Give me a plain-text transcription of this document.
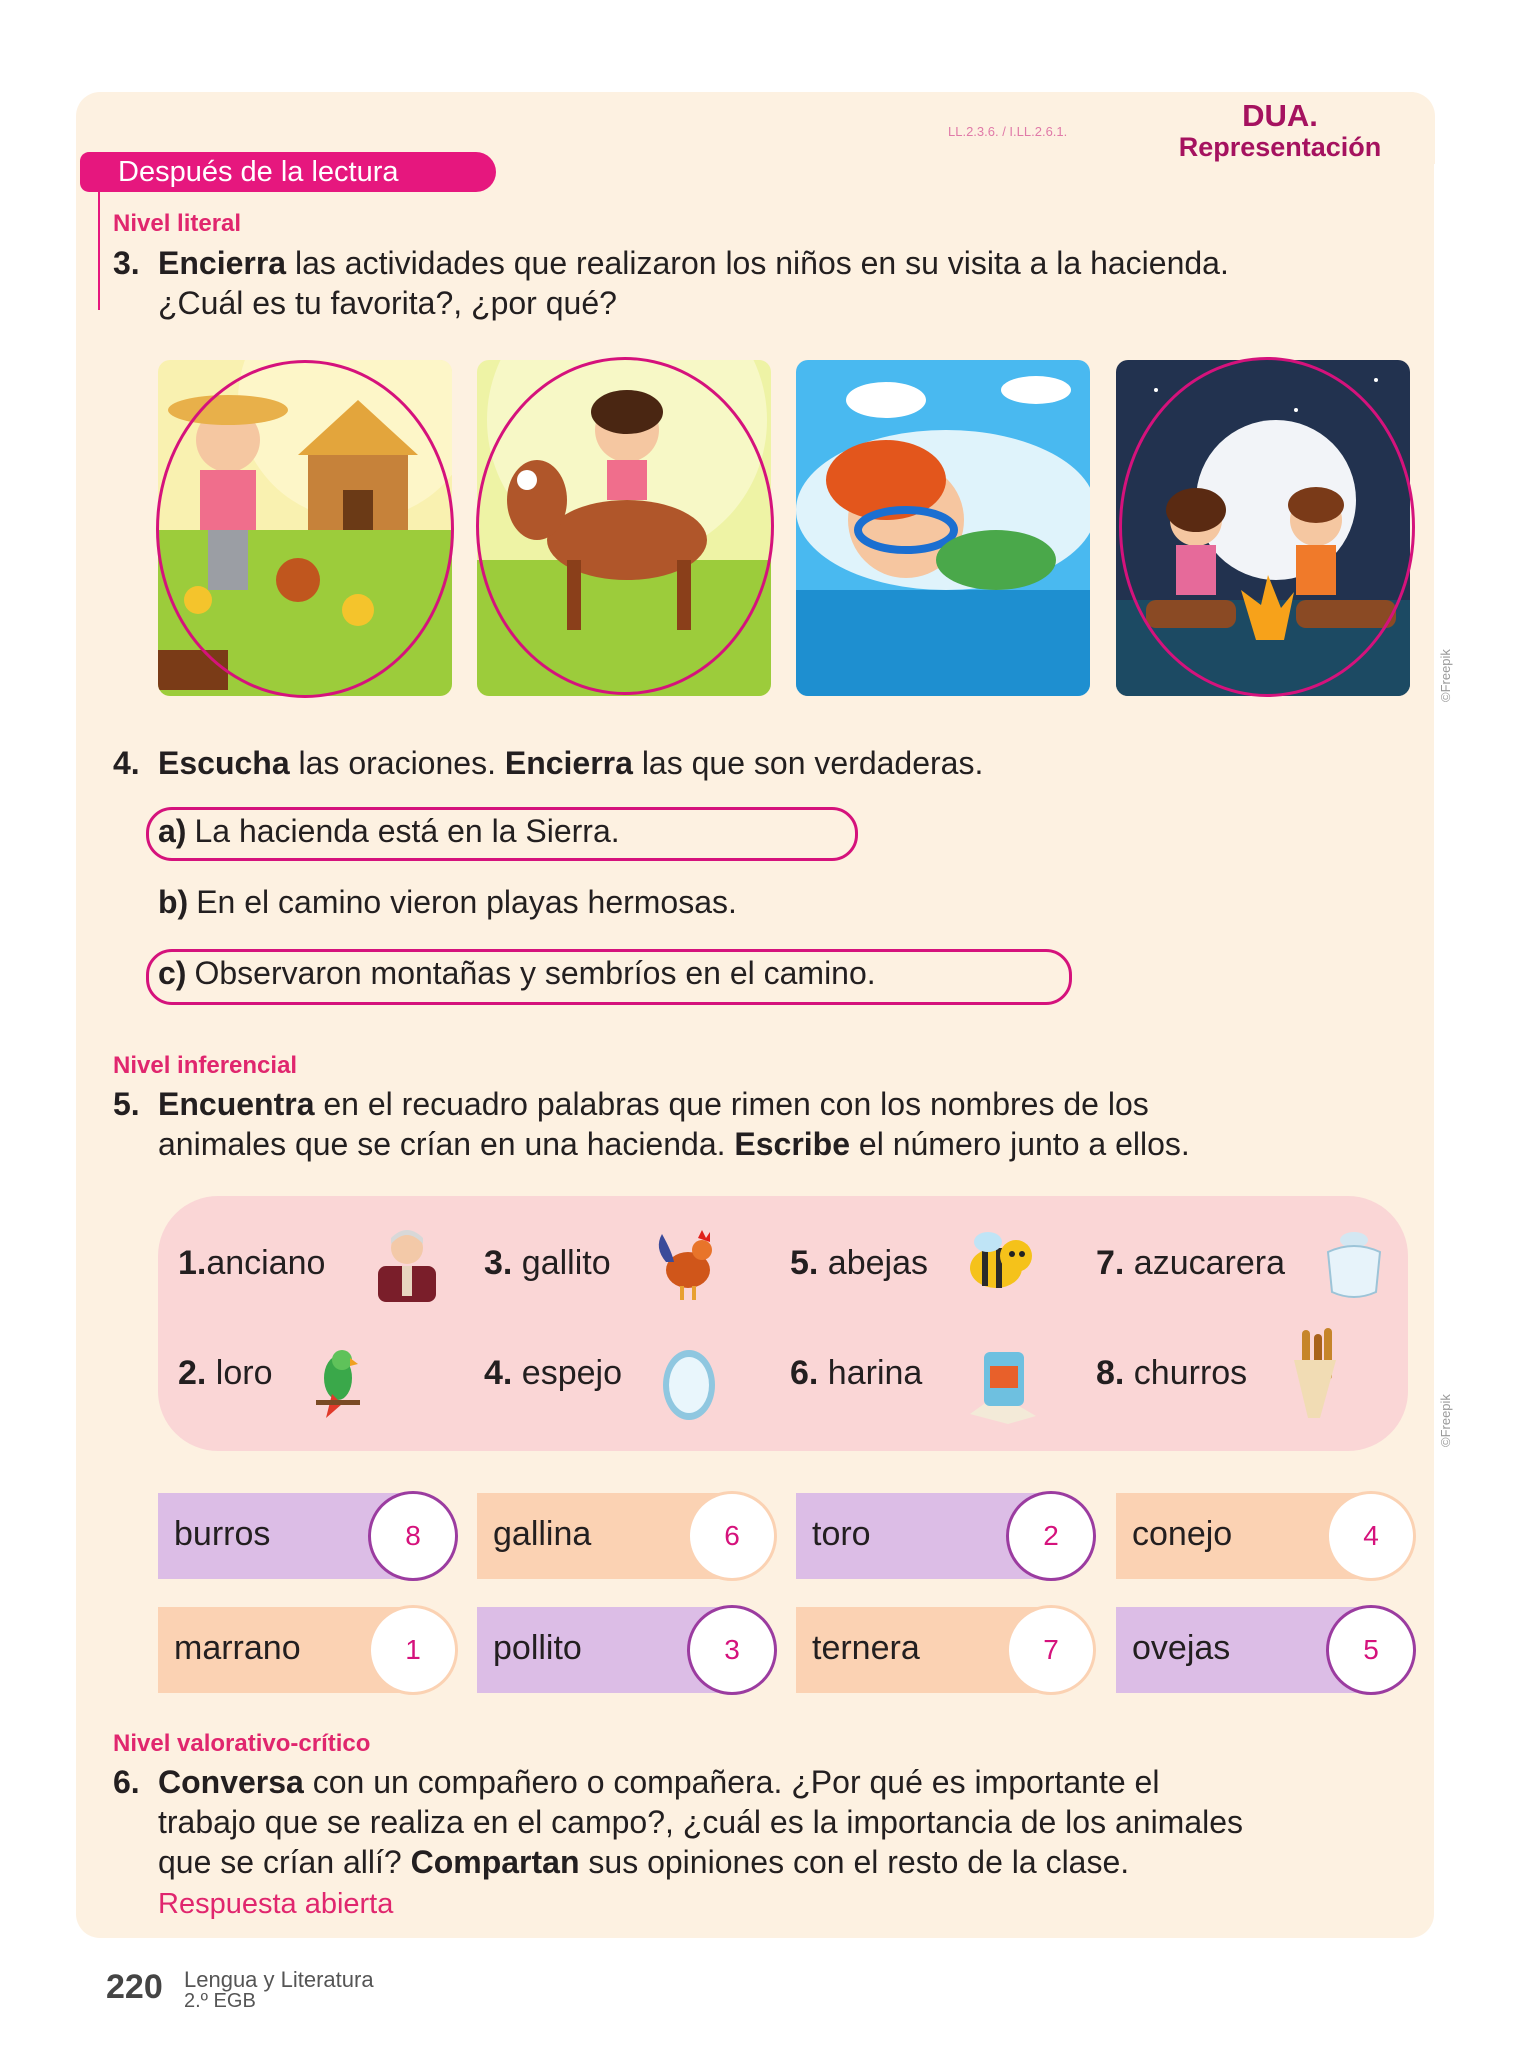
DUA.
Representación
LL.2.3.6. / I.LL.2.6.1.
Después de la lectura
Nivel literal
3. Encierra las actividades que realizaron los niños en su visita a la hacienda.
¿Cuál es tu favorita?, ¿por qué?
©Freepik
4. Escucha las oraciones. Encierra las que son verdaderas.
a) La hacienda está en la Sierra.
b) En el camino vieron playas hermosas.
c) Observaron montañas y sembríos en el camino.
Nivel inferencial
5. Encuentra en el recuadro palabras que rimen con los nombres de los
animales que se crían en una hacienda. Escribe el número junto a ellos.
1.anciano	3. gallito	5. abejas	7. azucarera
2. loro	4. espejo	6. harina	8. churros
©Freepik
burros	8	gallina	6	toro	2	conejo	4
marrano	1	pollito	3	ternera	7	ovejas	5
Nivel valorativo-crítico
6. Conversa con un compañero o compañera. ¿Por qué es importante el
trabajo que se realiza en el campo?, ¿cuál es la importancia de los animales
que se crían allí? Compartan sus opiniones con el resto de la clase.
Respuesta abierta
220 Lengua y Literatura
2.º EGB
